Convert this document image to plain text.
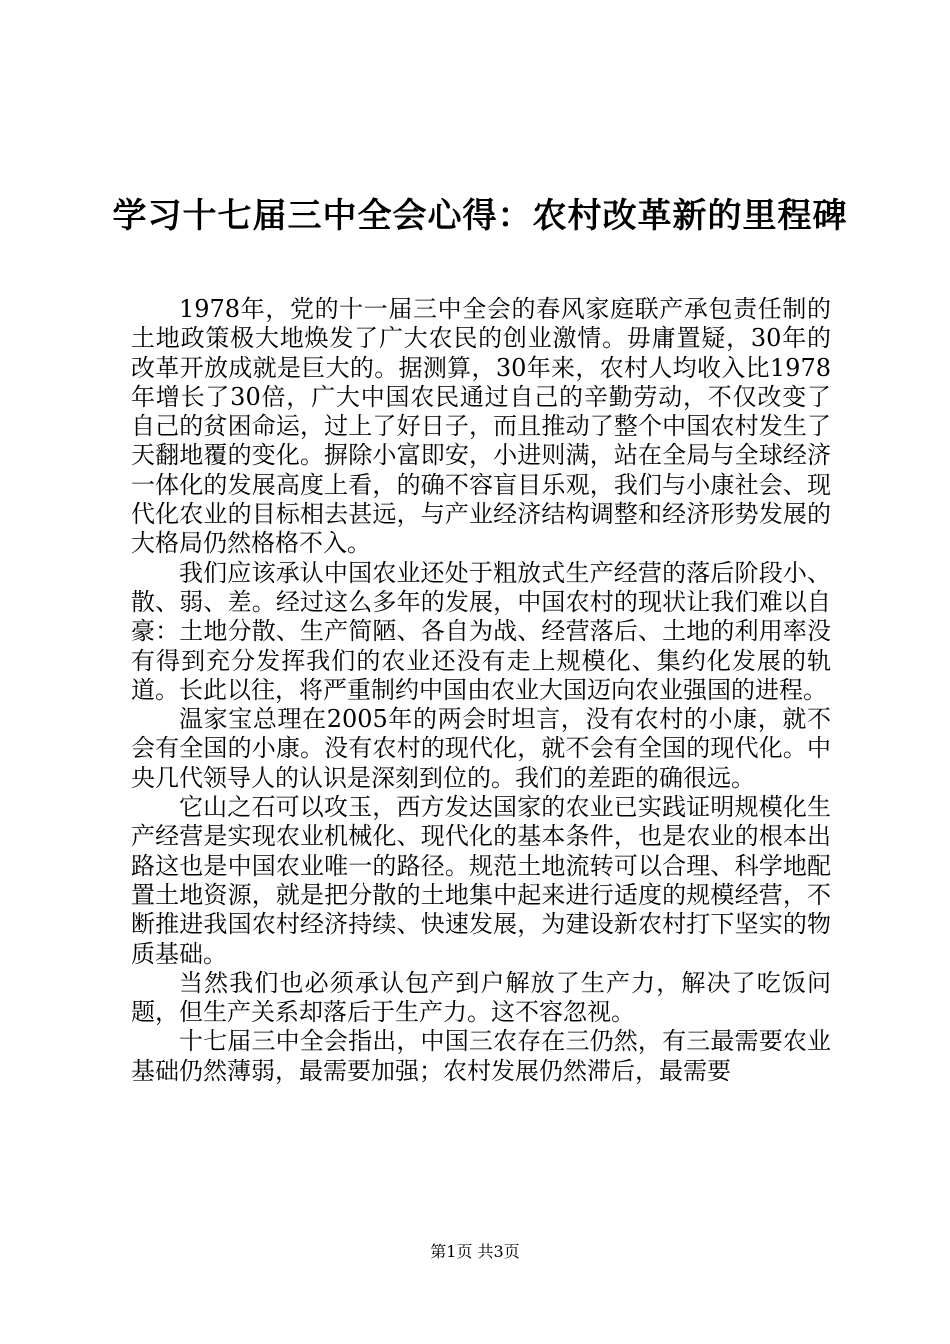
学习十七届三中全会心得：农村改革新的里程碑

1978年，党的十一届三中全会的春风家庭联产承包责任制的土地政策极大地焕发了广大农民的创业激情。毋庸置疑，30年的改革开放成就是巨大的。据测算，30年来，农村人均收入比1978年增长了30倍，广大中国农民通过自己的辛勤劳动，不仅改变了自己的贫困命运，过上了好日子，而且推动了整个中国农村发生了天翻地覆的变化。摒除小富即安，小进则满，站在全局与全球经济一体化的发展高度上看，的确不容盲目乐观，我们与小康社会、现代化农业的目标相去甚远，与产业经济结构调整和经济形势发展的大格局仍然格格不入。

我们应该承认中国农业还处于粗放式生产经营的落后阶段小、散、弱、差。经过这么多年的发展，中国农村的现状让我们难以自豪：土地分散、生产简陋、各自为战、经营落后、土地的利用率没有得到充分发挥我们的农业还没有走上规模化、集约化发展的轨道。长此以往，将严重制约中国由农业大国迈向农业强国的进程。

温家宝总理在2005年的两会时坦言，没有农村的小康，就不会有全国的小康。没有农村的现代化，就不会有全国的现代化。中央几代领导人的认识是深刻到位的。我们的差距的确很远。

它山之石可以攻玉，西方发达国家的农业已实践证明规模化生产经营是实现农业机械化、现代化的基本条件，也是农业的根本出路这也是中国农业唯一的路径。规范土地流转可以合理、科学地配置土地资源，就是把分散的土地集中起来进行适度的规模经营，不断推进我国农村经济持续、快速发展，为建设新农村打下坚实的物质基础。

当然我们也必须承认包产到户解放了生产力，解决了吃饭问题，但生产关系却落后于生产力。这不容忽视。

十七届三中全会指出，中国三农存在三仍然，有三最需要农业基础仍然薄弱，最需要加强；农村发展仍然滞后，最需要

第1页 共3页
